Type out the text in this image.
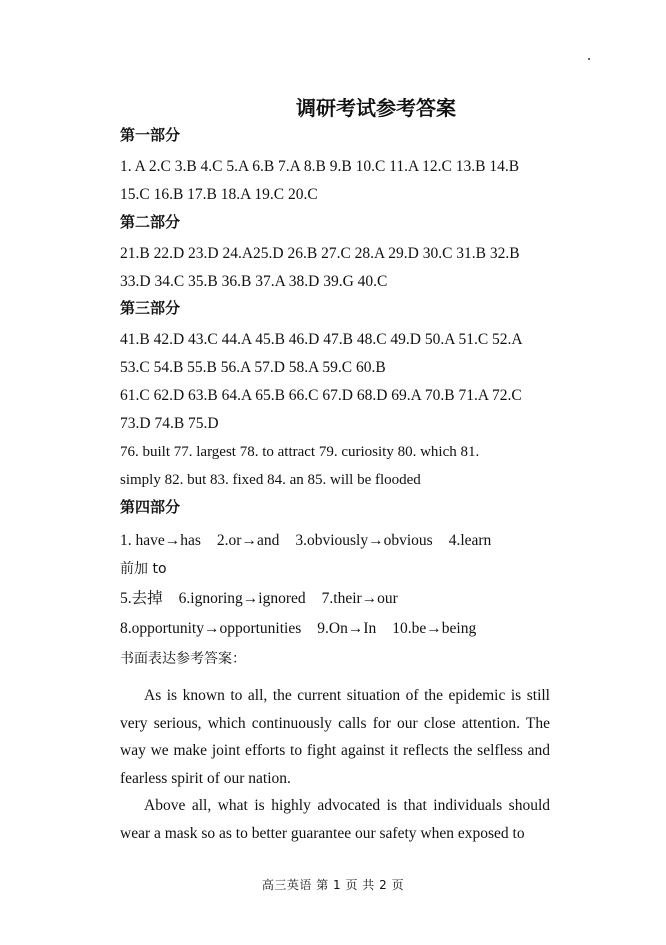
调研考试参考答案
第一部分
1. A 2.C 3.B 4.C 5.A 6.B 7.A 8.B 9.B 10.C 11.A 12.C 13.B 14.B
15.C 16.B 17.B 18.A 19.C 20.C
第二部分
21.B 22.D 23.D 24.A25.D 26.B 27.C 28.A 29.D 30.C 31.B 32.B
33.D 34.C 35.B 36.B 37.A 38.D 39.G 40.C
第三部分
41.B 42.D 43.C 44.A 45.B 46.D 47.B 48.C 49.D 50.A 51.C 52.A
53.C 54.B 55.B 56.A 57.D 58.A 59.C 60.B
61.C 62.D 63.B 64.A 65.B 66.C 67.D 68.D 69.A 70.B 71.A 72.C
73.D 74.B 75.D
76. built 77. largest 78. to attract 79. curiosity 80. which 81.
simply 82. but 83. fixed 84. an 85. will be flooded
第四部分
1. have→has 2.or→and 3.obviously→obvious 4.learn
前加 to
5.去掉 6.ignoring→ignored 7.their→our
8.opportunity→opportunities 9.On→In 10.be→being
书面表达参考答案：
As is known to all, the current situation of the epidemic is still very serious, which continuously calls for our close attention. The way we make joint efforts to fight against it reflects the selfless and fearless spirit of our nation.
Above all, what is highly advocated is that individuals should wear a mask so as to better guarantee our safety when exposed to
高三英语 第 1 页 共 2 页
